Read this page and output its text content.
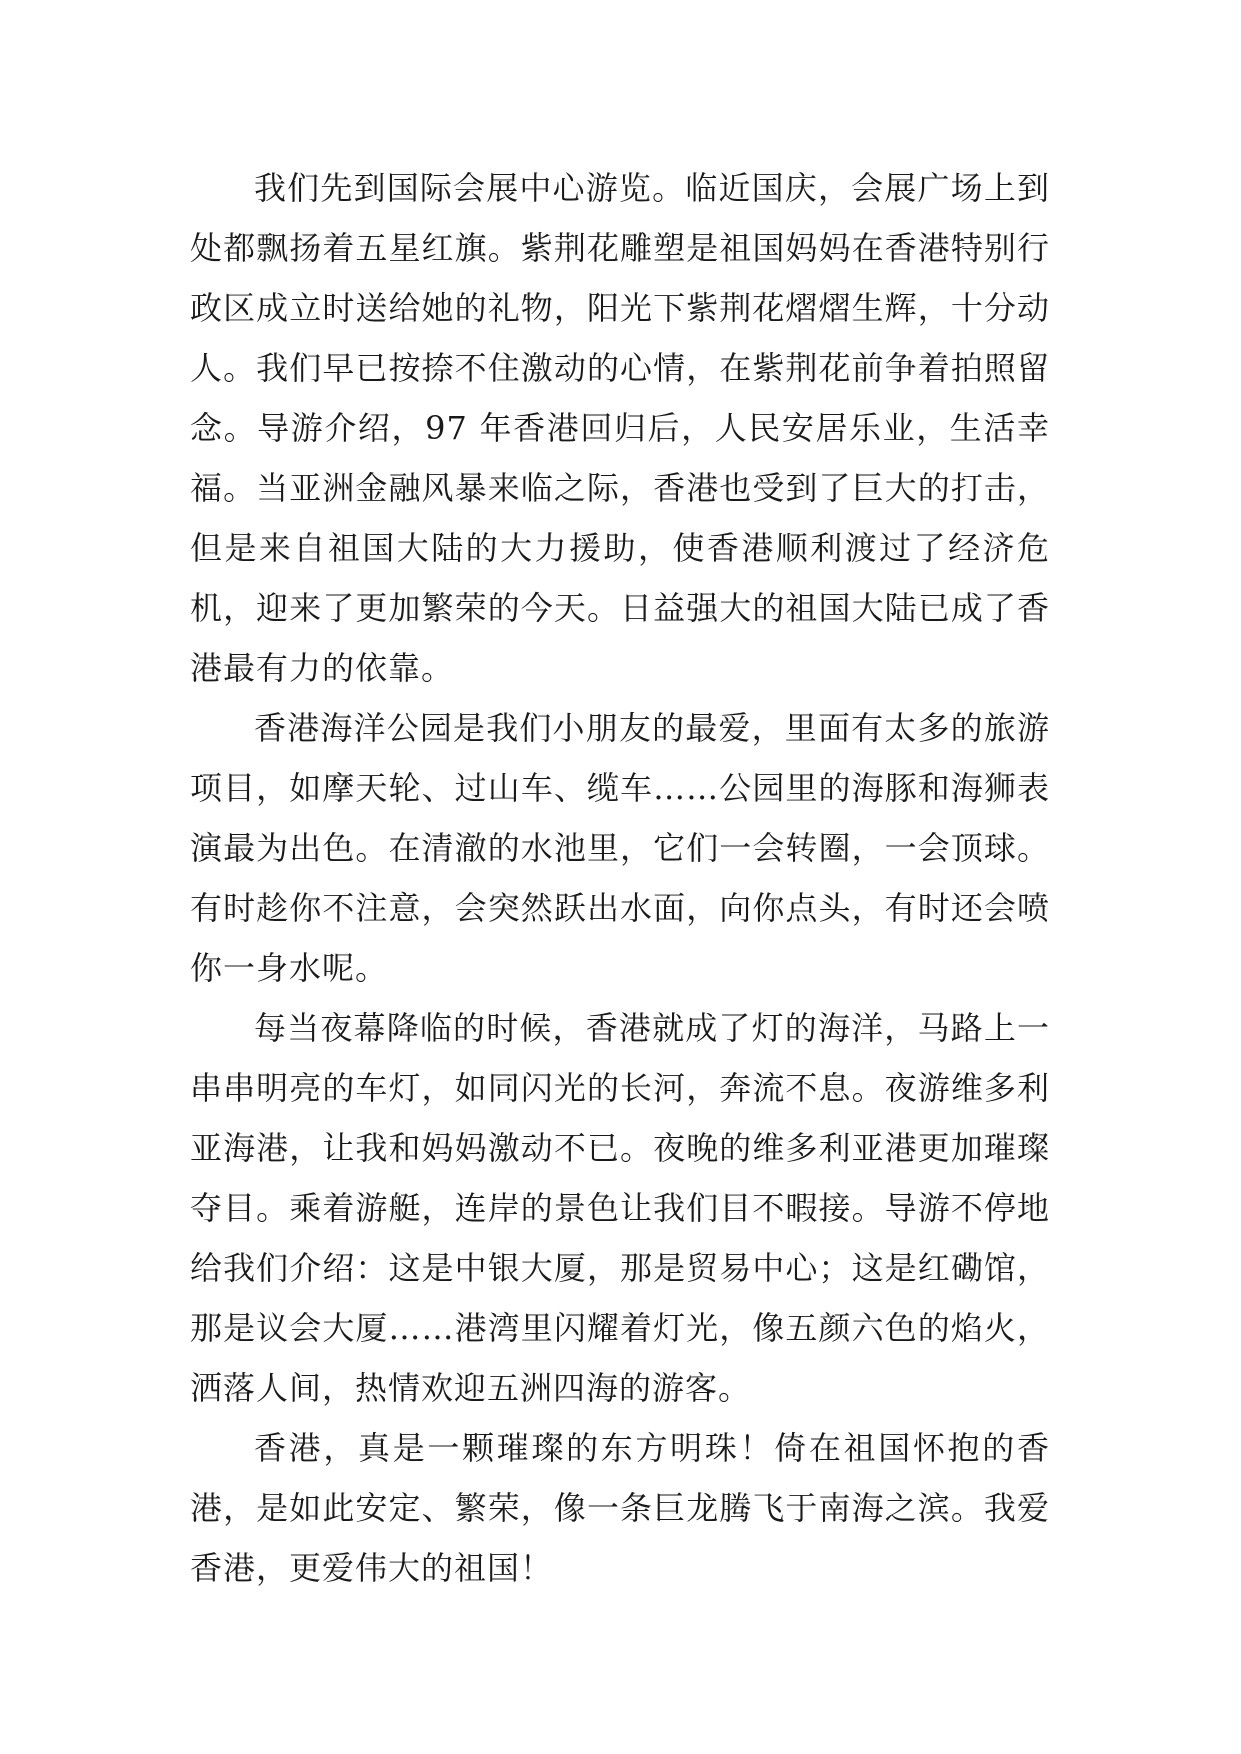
我们先到国际会展中心游览。临近国庆，会展广场上到处都飘扬着五星红旗。紫荆花雕塑是祖国妈妈在香港特别行政区成立时送给她的礼物，阳光下紫荆花熠熠生辉，十分动人。我们早已按捺不住激动的心情，在紫荆花前争着拍照留念。导游介绍，97 年香港回归后，人民安居乐业，生活幸福。当亚洲金融风暴来临之际，香港也受到了巨大的打击，但是来自祖国大陆的大力援助，使香港顺利渡过了经济危机，迎来了更加繁荣的今天。日益强大的祖国大陆已成了香港最有力的依靠。

香港海洋公园是我们小朋友的最爱，里面有太多的旅游项目，如摩天轮、过山车、缆车……公园里的海豚和海狮表演最为出色。在清澈的水池里，它们一会转圈，一会顶球。有时趁你不注意，会突然跃出水面，向你点头，有时还会喷你一身水呢。

每当夜幕降临的时候，香港就成了灯的海洋，马路上一串串明亮的车灯，如同闪光的长河，奔流不息。夜游维多利亚海港，让我和妈妈激动不已。夜晚的维多利亚港更加璀璨夺目。乘着游艇，连岸的景色让我们目不暇接。导游不停地给我们介绍：这是中银大厦，那是贸易中心；这是红磡馆，那是议会大厦……港湾里闪耀着灯光，像五颜六色的焰火，洒落人间，热情欢迎五洲四海的游客。

香港，真是一颗璀璨的东方明珠！倚在祖国怀抱的香港，是如此安定、繁荣，像一条巨龙腾飞于南海之滨。我爱香港，更爱伟大的祖国！
